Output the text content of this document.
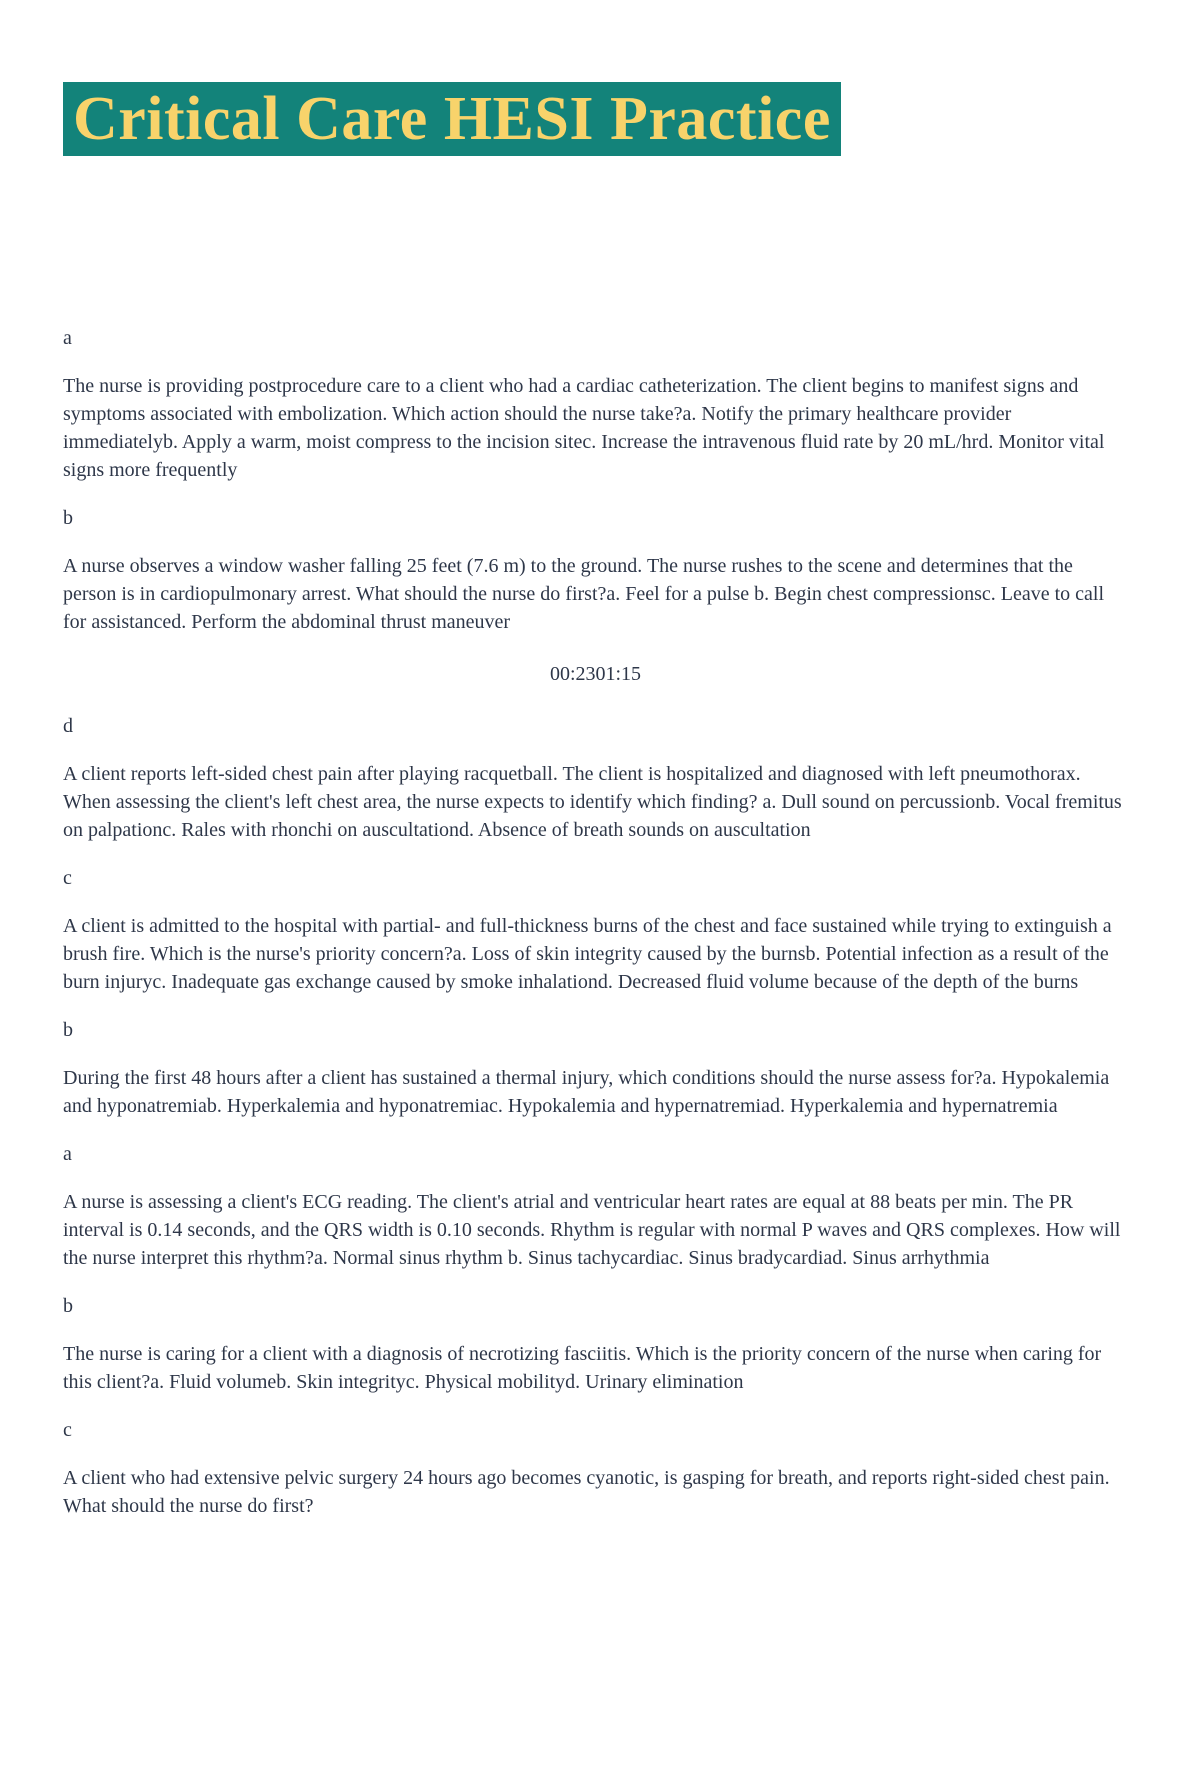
Critical Care HESI Practice

a

The nurse is providing postprocedure care to a client who had a cardiac catheterization. The client begins to manifest signs and symptoms associated with embolization. Which action should the nurse take?a. Notify the primary healthcare provider immediatelyb. Apply a warm, moist compress to the incision sitec. Increase the intravenous fluid rate by 20 mL/hrd. Monitor vital signs more frequently

b

A nurse observes a window washer falling 25 feet (7.6 m) to the ground. The nurse rushes to the scene and determines that the person is in cardiopulmonary arrest. What should the nurse do first?a. Feel for a pulse b. Begin chest compressionsc. Leave to call for assistanced. Perform the abdominal thrust maneuver

00:2301:15

d

A client reports left-sided chest pain after playing racquetball. The client is hospitalized and diagnosed with left pneumothorax. When assessing the client's left chest area, the nurse expects to identify which finding? a. Dull sound on percussionb. Vocal fremitus on palpationc. Rales with rhonchi on auscultationd. Absence of breath sounds on auscultation

c

A client is admitted to the hospital with partial- and full-thickness burns of the chest and face sustained while trying to extinguish a brush fire. Which is the nurse's priority concern?a. Loss of skin integrity caused by the burnsb. Potential infection as a result of the burn injuryc. Inadequate gas exchange caused by smoke inhalationd. Decreased fluid volume because of the depth of the burns

b

During the first 48 hours after a client has sustained a thermal injury, which conditions should the nurse assess for?a. Hypokalemia and hyponatremiab. Hyperkalemia and hyponatremiac. Hypokalemia and hypernatremiad. Hyperkalemia and hypernatremia

a

A nurse is assessing a client's ECG reading. The client's atrial and ventricular heart rates are equal at 88 beats per min. The PR interval is 0.14 seconds, and the QRS width is 0.10 seconds. Rhythm is regular with normal P waves and QRS complexes. How will the nurse interpret this rhythm?a. Normal sinus rhythm b. Sinus tachycardiac. Sinus bradycardiad. Sinus arrhythmia

b

The nurse is caring for a client with a diagnosis of necrotizing fasciitis. Which is the priority concern of the nurse when caring for this client?a. Fluid volumeb. Skin integrityc. Physical mobilityd. Urinary elimination

c

A client who had extensive pelvic surgery 24 hours ago becomes cyanotic, is gasping for breath, and reports right-sided chest pain. What should the nurse do first?
